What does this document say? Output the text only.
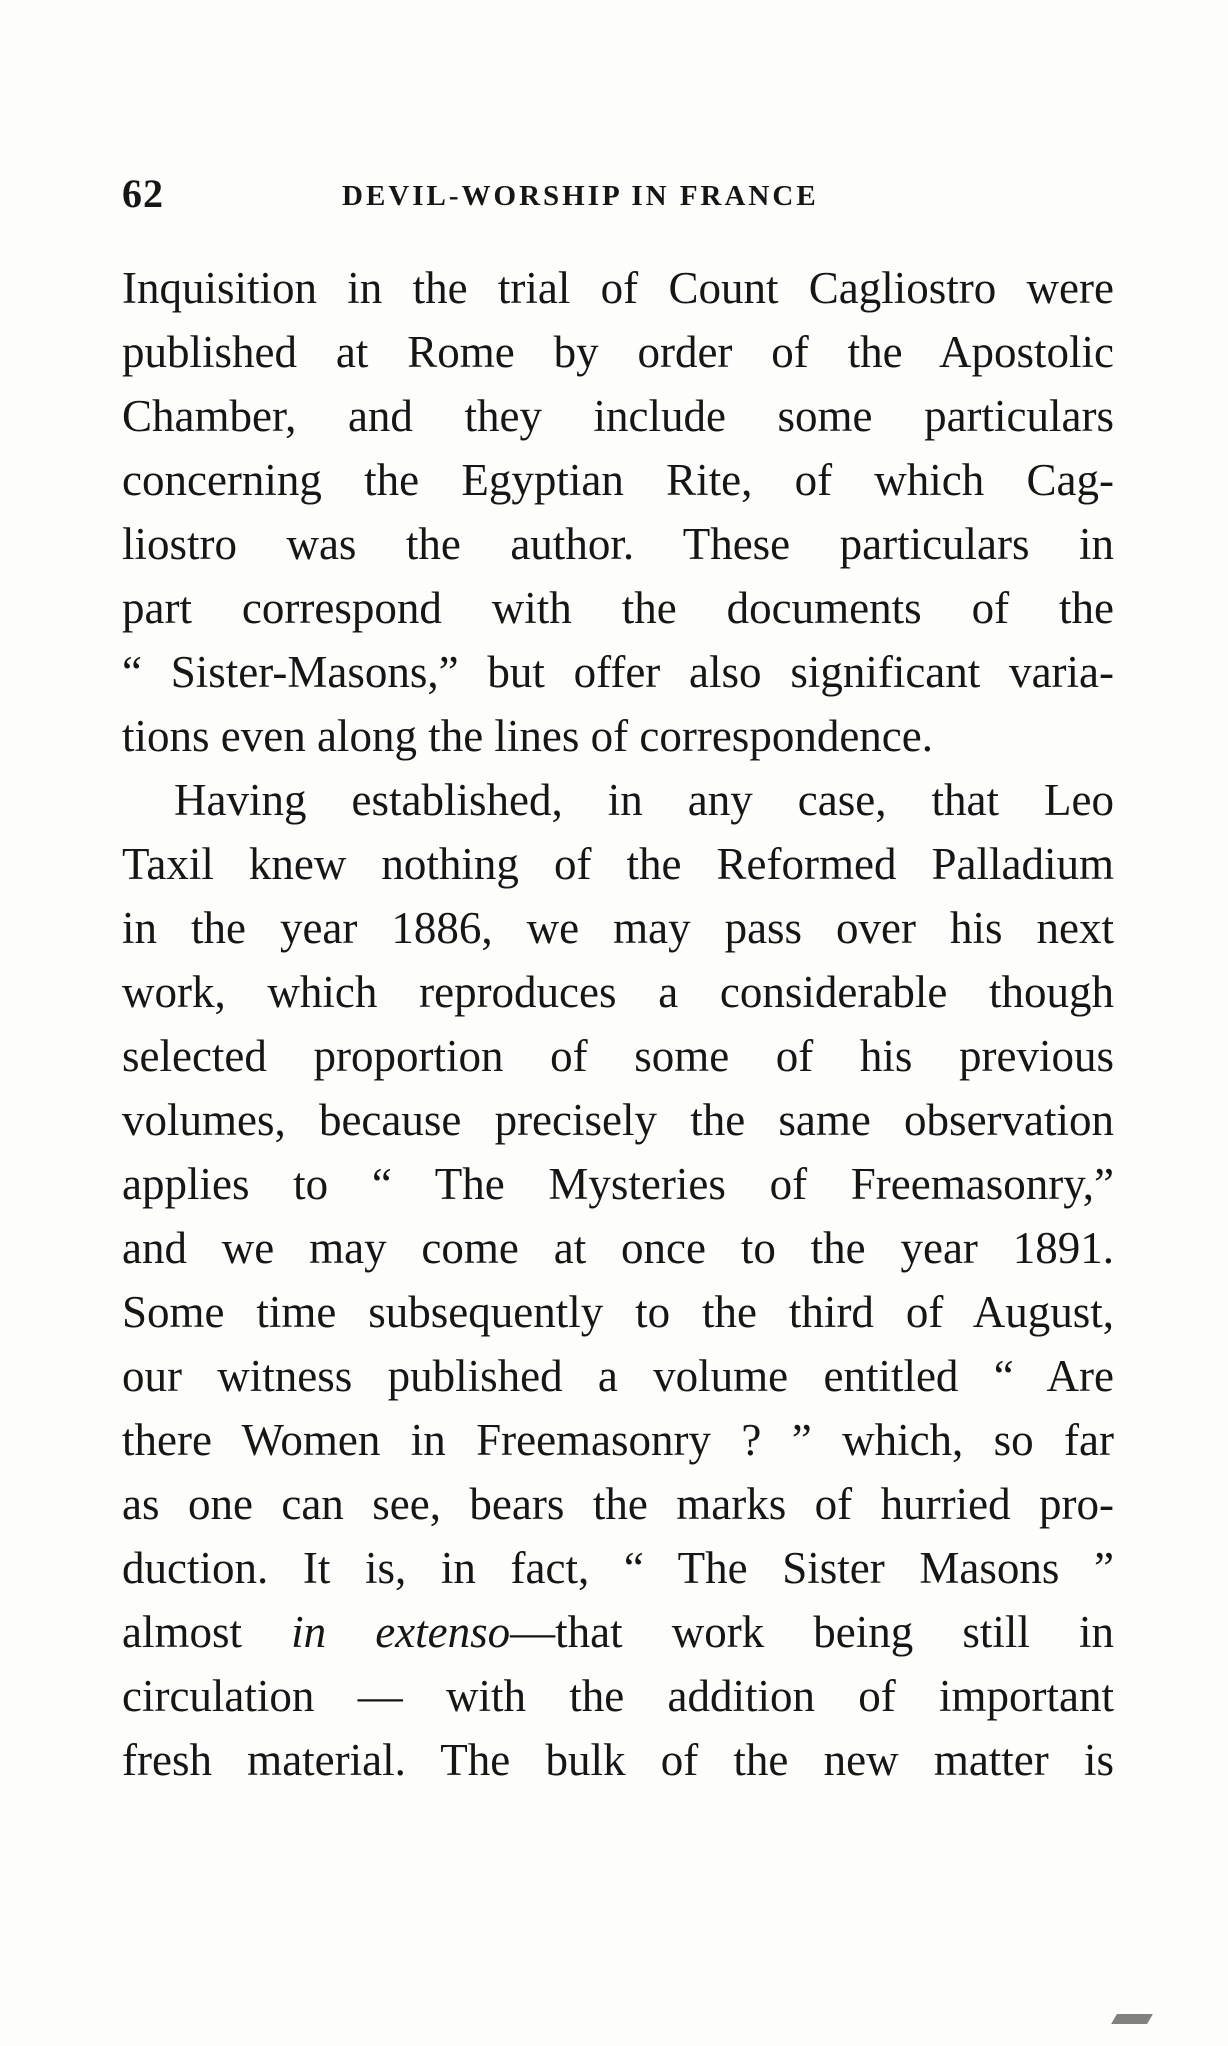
62	DEVIL-WORSHIP IN FRANCE
Inquisition in the trial of Count Cagliostro were
published at Rome by order of the Apostolic
Chamber, and they include some particulars
concerning the Egyptian Rite, of which Cag-
liostro was the author. These particulars in
part correspond with the documents of the
“ Sister-Masons,” but offer also significant varia-
tions even along the lines of correspondence.
Having established, in any case, that Leo
Taxil knew nothing of the Reformed Palladium
in the year 1886, we may pass over his next
work, which reproduces a considerable though
selected proportion of some of his previous
volumes, because precisely the same observation
applies to “ The Mysteries of Freemasonry,”
and we may come at once to the year 1891.
Some time subsequently to the third of August,
our witness published a volume entitled “ Are
there Women in Freemasonry ? ” which, so far
as one can see, bears the marks of hurried pro-
duction. It is, in fact, “ The Sister Masons ”
almost in extenso—that work being still in
circulation — with the addition of important
fresh material. The bulk of the new matter is
